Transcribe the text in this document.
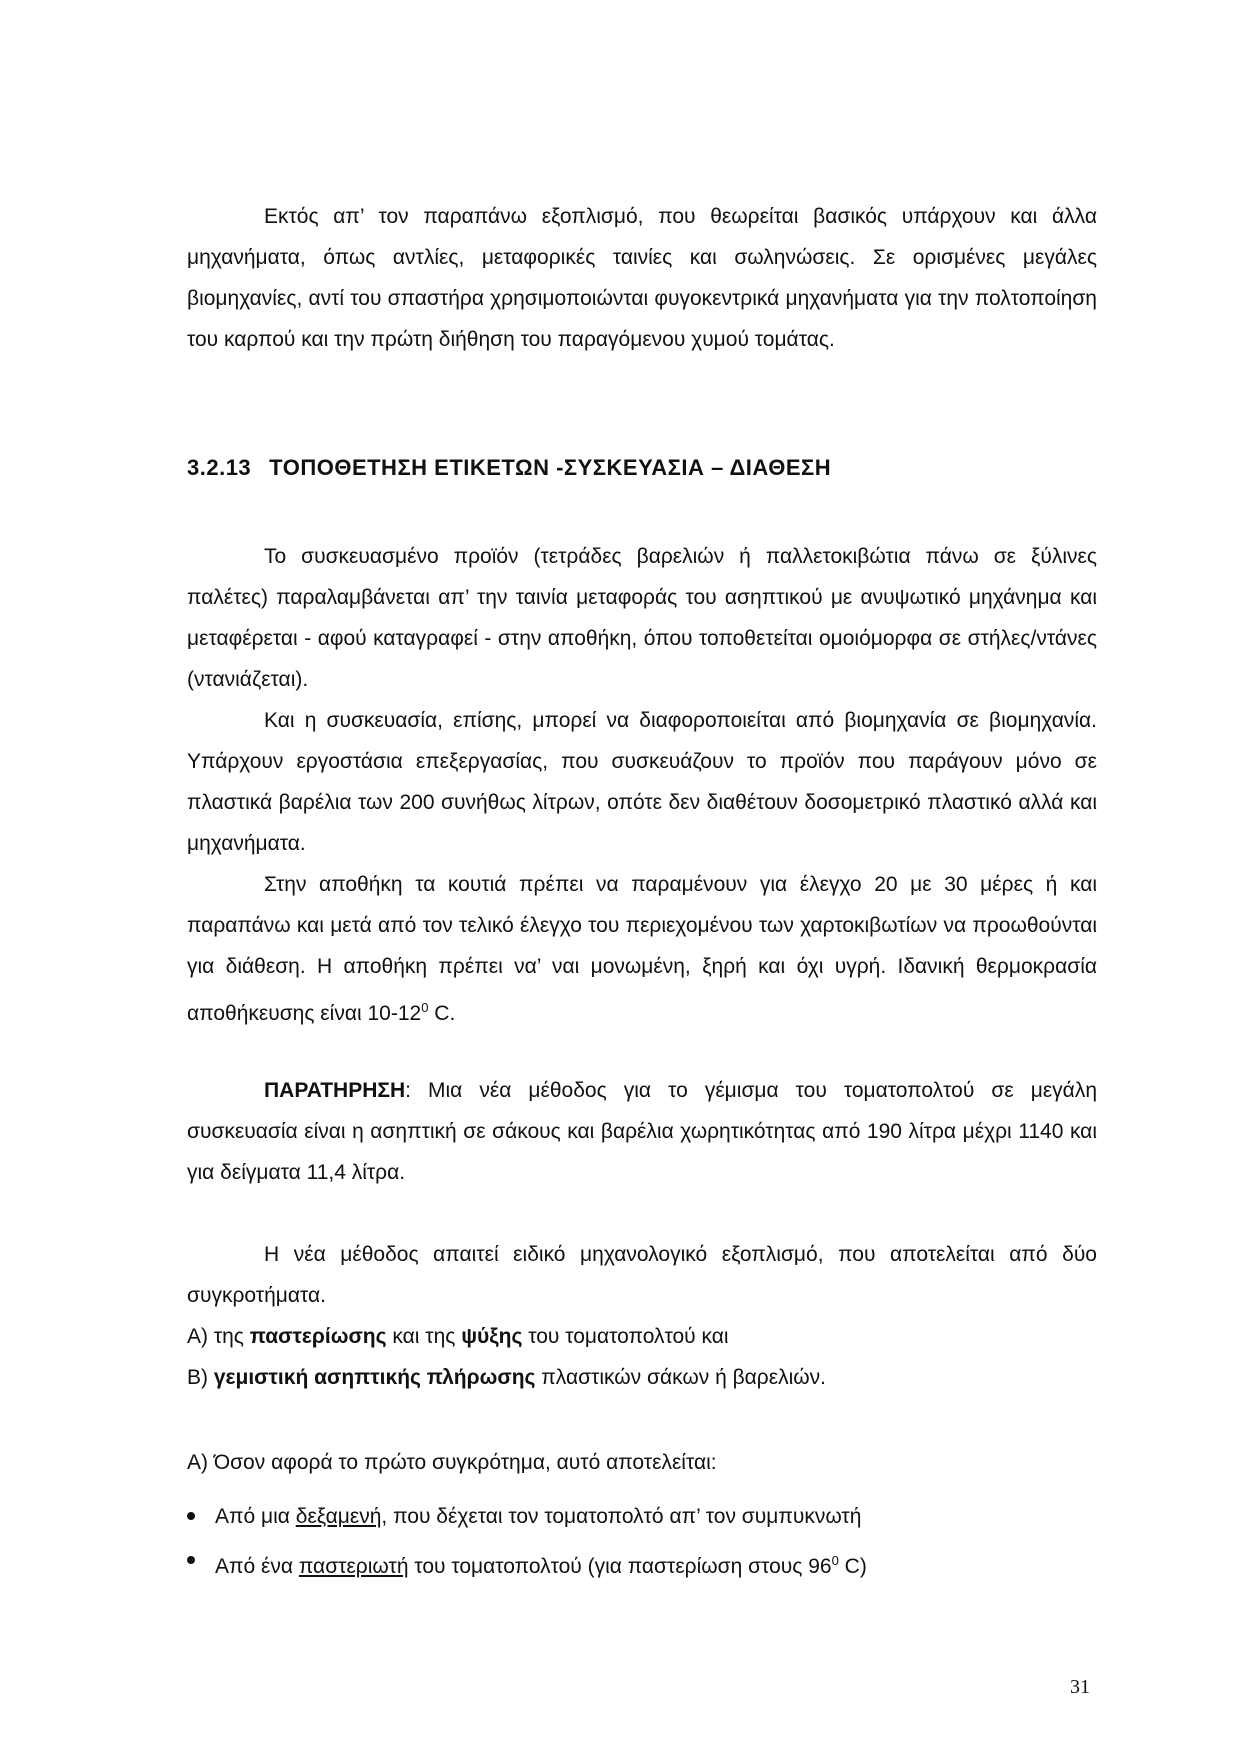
Εκτός απ’ τον παραπάνω εξοπλισμό, που θεωρείται βασικός υπάρχουν και άλλα μηχανήματα, όπως αντλίες, μεταφορικές ταινίες και σωληνώσεις. Σε ορισμένες μεγάλες βιομηχανίες, αντί του σπαστήρα χρησιμοποιώνται φυγοκεντρικά μηχανήματα για την πολτοποίηση του καρπού και την πρώτη διήθηση του παραγόμενου χυμού τομάτας.
3.2.13 ΤΟΠΟΘΕΤΗΣΗ ΕΤΙΚΕΤΩΝ -ΣΥΣΚΕΥΑΣΙΑ – ΔΙΑΘΕΣΗ
Το συσκευασμένο προϊόν (τετράδες βαρελιών ή παλλετοκιβώτια πάνω σε ξύλινες παλέτες) παραλαμβάνεται απ’ την ταινία μεταφοράς του ασηπτικού με ανυψωτικό μηχάνημα και μεταφέρεται - αφού καταγραφεί - στην αποθήκη, όπου τοποθετείται ομοιόμορφα σε στήλες/ντάνες (ντανιάζεται).
Και η συσκευασία, επίσης, μπορεί να διαφοροποιείται από βιομηχανία σε βιομηχανία. Υπάρχουν εργοστάσια επεξεργασίας, που συσκευάζουν το προϊόν που παράγουν μόνο σε πλαστικά βαρέλια των 200 συνήθως λίτρων, οπότε δεν διαθέτουν δοσομετρικό πλαστικό αλλά και μηχανήματα.
Στην αποθήκη τα κουτιά πρέπει να παραμένουν για έλεγχο 20 με 30 μέρες ή και παραπάνω και μετά από τον τελικό έλεγχο του περιεχομένου των χαρτοκιβωτίων να προωθούνται για διάθεση. Η αποθήκη πρέπει να’ ναι μονωμένη, ξηρή και όχι υγρή. Ιδανική θερμοκρασία αποθήκευσης είναι $10-12^0$ C.
ΠΑΡΑΤΗΡΗΣΗ: Μια νέα μέθοδος για το γέμισμα του τοματοπολτού σε μεγάλη συσκευασία είναι η ασηπτική σε σάκους και βαρέλια χωρητικότητας από 190 λίτρα μέχρι 1140 και για δείγματα 11,4 λίτρα.
Η νέα μέθοδος απαιτεί ειδικό μηχανολογικό εξοπλισμό, που αποτελείται από δύο συγκροτήματα.
Α) της παστερίωσης και της ψύξης του τοματοπολτού και
Β) γεμιστική ασηπτικής πλήρωσης πλαστικών σάκων ή βαρελιών.
Α) Όσον αφορά το πρώτο συγκρότημα, αυτό αποτελείται:
Από μια δεξαμενή, που δέχεται τον τοματοπολτό απ’ τον συμπυκνωτή
Από ένα παστεριωτή του τοματοπολτού (για παστερίωση στους $96^0$ C)
31
